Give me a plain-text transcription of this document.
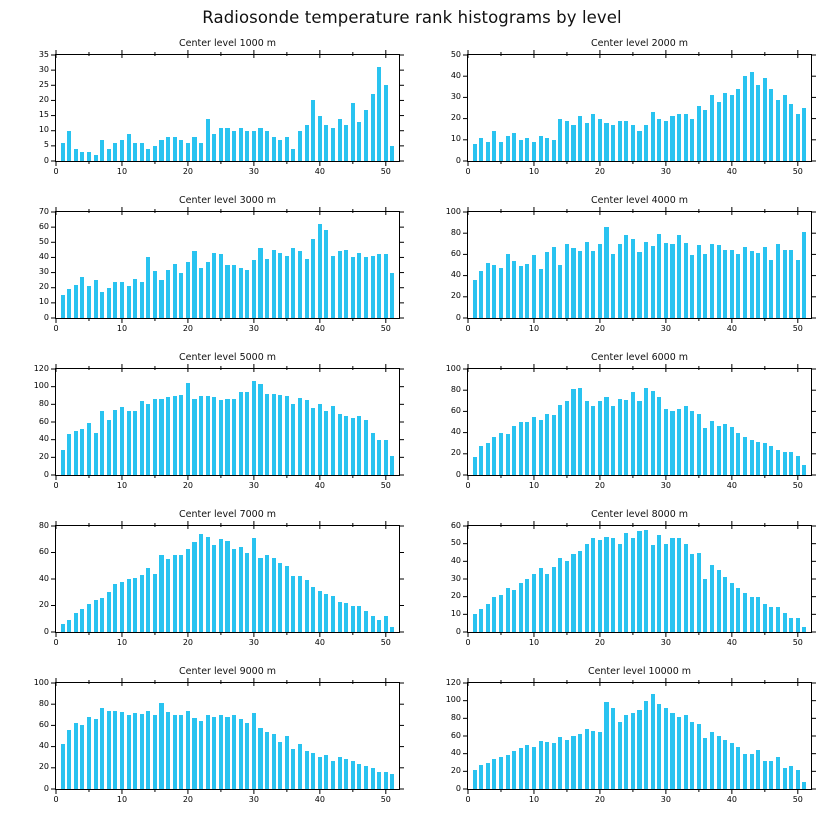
Radiosonde temperature rank histograms by level
Center level 1000 m
0
5
10
15
20
25
30
35
0	10	20	30	40	50
Center level 2000 m
0
10
20
30
40
50
0	10	20	30	40	50
Center level 3000 m
0
10
20
30
40
50
60
70
0	10	20	30	40	50
Center level 4000 m
0
20
40
60
80
100
0	10	20	30	40	50
Center level 5000 m
0
20
40
60
80
100
120
0	10	20	30	40	50
Center level 6000 m
0
20
40
60
80
100
0	10	20	30	40	50
Center level 7000 m
0
20
40
60
80
0	10	20	30	40	50
Center level 8000 m
0
10
20
30
40
50
60
0	10	20	30	40	50
Center level 9000 m
0
20
40
60
80
100
0	10	20	30	40	50
Center level 10000 m
0
20
40
60
80
100
120
0	10	20	30	40	50
